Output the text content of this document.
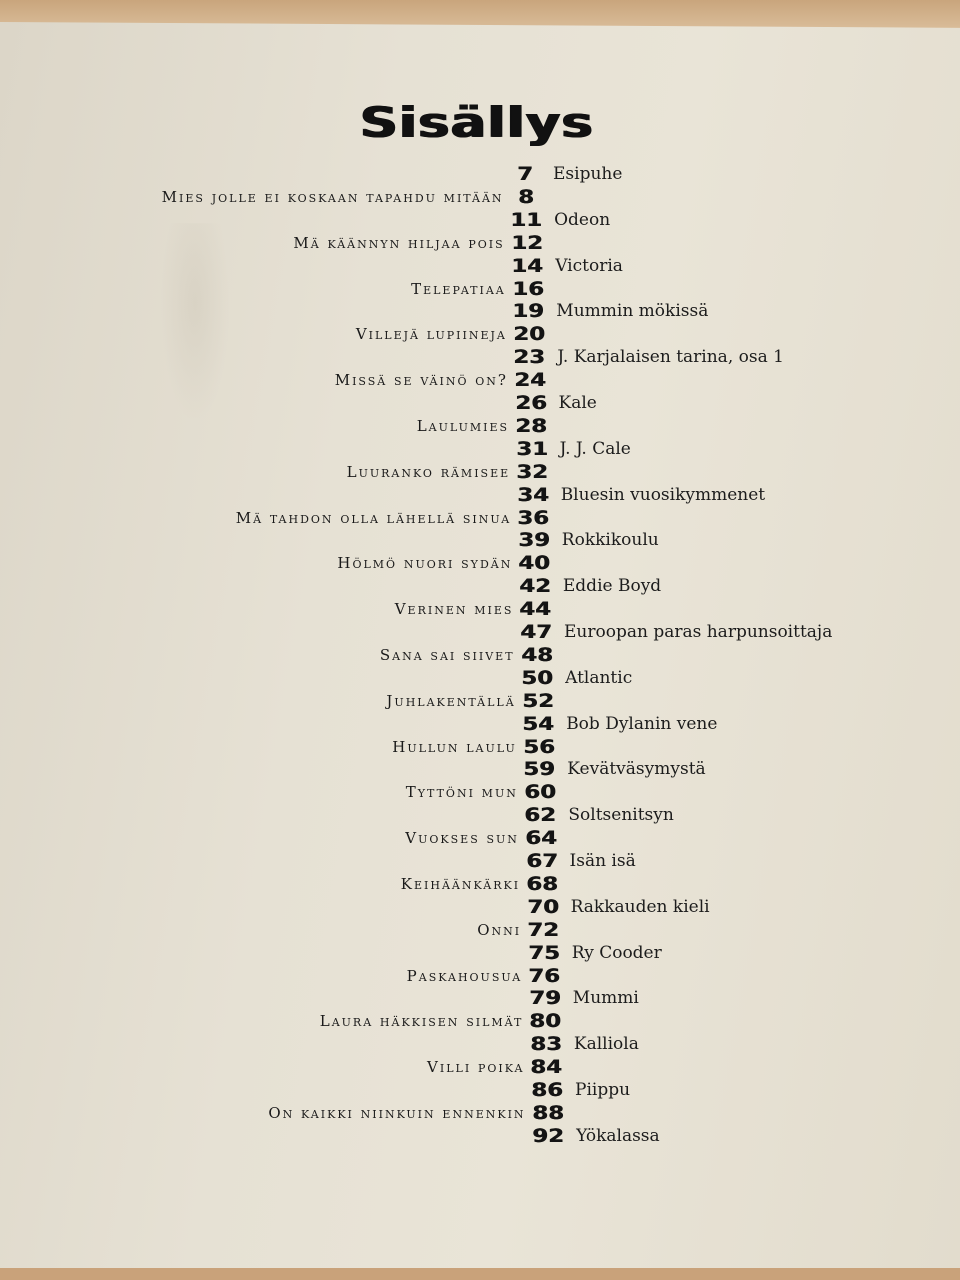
Sisällys
7	Esipuhe
8
Mies jolle ei koskaan tapahdu mitään
11 Odeon
12
Mä käännyn hiljaa pois
14 Victoria
16
Telepatiaa
19 Mummin mökissä
20
Villejä lupiineja
23 J. Karjalaisen tarina, osa 1
24
Missä se väinö on?
26 Kale
28
Laulumies
31 J. J. Cale
32
Luuranko rämisee
34 Bluesin vuosikymmenet
36
Mä tahdon olla lähellä sinua
39 Rokkikoulu
40
Hölmö nuori sydän
42 Eddie Boyd
44
Verinen mies
47 Euroopan paras harpunsoittaja
48
Sana sai siivet
50 Atlantic
52
Juhlakentällä
54 Bob Dylanin vene
56
Hullun laulu
59 Kevätväsymystä
60
Tyttöni mun
62 Soltsenitsyn
64
Vuokses sun
67 Isän isä
68
Keihäänkärki
70 Rakkauden kieli
72
Onni
75 Ry Cooder
76
Paskahousua
79 Mummi
80
Laura häkkisen silmät
83 Kalliola
84
Villi poika
86 Piippu
88
On kaikki niinkuin ennenkin
92 Yökalassa
